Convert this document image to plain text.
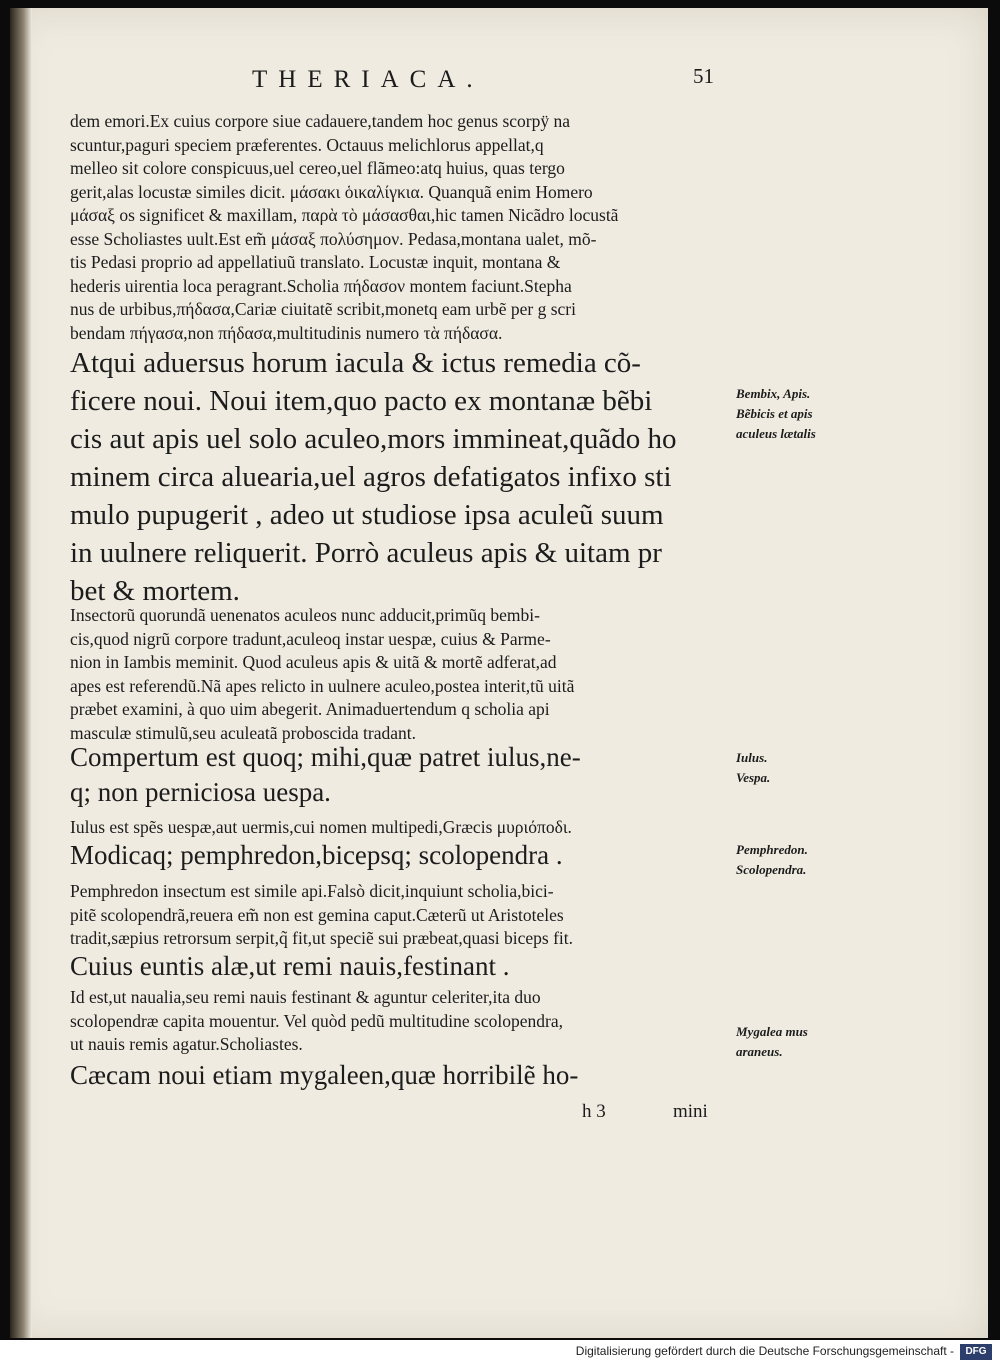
THERIACA.	51
dem emori.Ex cuius corpore siue cadauere,tandem hoc genus scorpÿ na
scuntur,paguri speciem præferentes. Octauus melichlorus appellat,q
melleo sit colore conspicuus,uel cereo,uel flãmeo:atq huius, quas tergo
gerit,alas locustæ similes dicit. μάσακι ὁικαλίγκια. Quanquã enim Homero
μάσαξ os significet & maxillam, παρὰ τὸ μάσασθαι,hic tamen Nicãdro locustã
esse Scholiastes uult.Est em̃ μάσαξ πολύσημον. Pedasa,montana ualet, mõ-
tis Pedasi proprio ad appellatiuũ translato. Locustæ inquit, montana &
hederis uirentia loca peragrant.Scholia πήδασον montem faciunt.Stepha
nus de urbibus,πήδασα,Cariæ ciuitatẽ scribit,monetq eam urbẽ per g scri
bendam πήγασα,non πήδασα,multitudinis numero τὰ πήδασα.
Atqui aduersus horum iacula & ictus remedia cõ-
ficere noui. Noui item,quo pacto ex montanæ bẽbi
cis aut apis uel solo aculeo,mors immineat,quãdo ho
minem circa aluearia,uel agros defatigatos infixo sti
mulo pupugerit , adeo ut studiose ipsa aculeũ suum
in uulnere reliquerit. Porrò aculeus apis & uitam pr
bet & mortem.
Bembix, Apis.
Bẽbicis et apis
aculeus lætalis
Insectorũ quorundã uenenatos aculeos nunc adducit,primũq bembi-
cis,quod nigrũ corpore tradunt,aculeoq instar uespæ, cuius & Parme-
nion in Iambis meminit. Quod aculeus apis & uitã & mortẽ adferat,ad
apes est referendũ.Nã apes relicto in uulnere aculeo,postea interit,tũ uitã
præbet examini, à quo uim abegerit. Animaduertendum q scholia api
masculæ stimulũ,seu aculeatã proboscida tradant.
Compertum est quoq; mihi,quæ patret iulus,ne-
q; non perniciosa uespa.
Iulus.
Vespa.
Iulus est spẽs uespæ,aut uermis,cui nomen multipedi,Græcis μυριόποδι.
Modicaq; pemphredon,bicepsq; scolopendra .	Pemphredon.
Scolopendra.
Pemphredon insectum est simile api.Falsò dicit,inquiunt scholia,bici-
pitẽ scolopendrã,reuera em̃ non est gemina caput.Cæterũ ut Aristoteles
tradit,sæpius retrorsum serpit,q̃ fit,ut speciẽ sui præbeat,quasi biceps fit.
Cuius euntis alæ,ut remi nauis,festinant .
Id est,ut naualia,seu remi nauis festinant & aguntur celeriter,ita duo
scolopendræ capita mouentur. Vel quòd pedũ multitudine scolopendra,
ut nauis remis agatur.Scholiastes.
Mygalea mus
araneus.
Cæcam noui etiam mygaleen,quæ horribilẽ ho-
h 3	mini
Digitalisierung gefördert durch die Deutsche Forschungsgemeinschaft -	DFG
